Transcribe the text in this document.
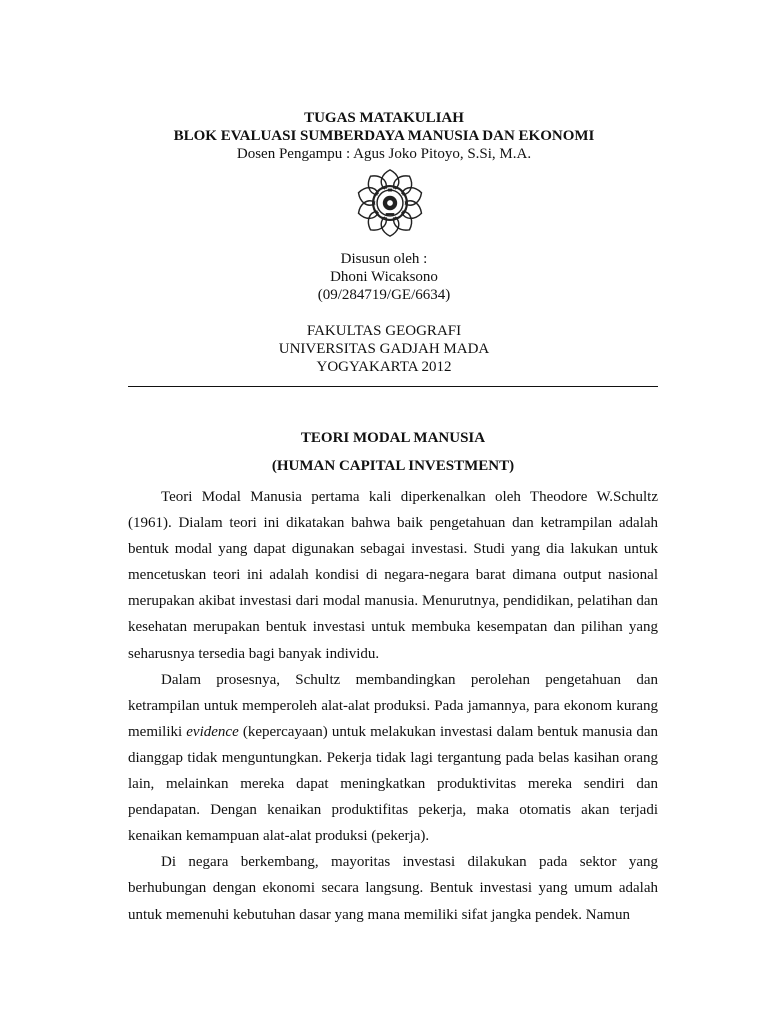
TUGAS MATAKULIAH
BLOK EVALUASI SUMBERDAYA MANUSIA DAN EKONOMI
Dosen Pengampu : Agus Joko Pitoyo, S.Si, M.A.
Disusun oleh :
Dhoni Wicaksono
(09/284719/GE/6634)
FAKULTAS GEOGRAFI
UNIVERSITAS GADJAH MADA
YOGYAKARTA 2012
TEORI MODAL MANUSIA
(HUMAN CAPITAL INVESTMENT)

Teori Modal Manusia pertama kali diperkenalkan oleh Theodore W.Schultz (1961). Dialam teori ini dikatakan bahwa baik pengetahuan dan ketrampilan adalah bentuk modal yang dapat digunakan sebagai investasi. Studi yang dia lakukan untuk mencetuskan teori ini adalah kondisi di negara-negara barat dimana output nasional merupakan akibat investasi dari modal manusia. Menurutnya, pendidikan, pelatihan dan kesehatan merupakan bentuk investasi untuk membuka kesempatan dan pilihan yang seharusnya tersedia bagi banyak individu.

Dalam prosesnya, Schultz membandingkan perolehan pengetahuan dan ketrampilan untuk memperoleh alat-alat produksi. Pada jamannya, para ekonom kurang memiliki evidence (kepercayaan) untuk melakukan investasi dalam bentuk manusia dan dianggap tidak menguntungkan. Pekerja tidak lagi tergantung pada belas kasihan orang lain, melainkan mereka dapat meningkatkan produktivitas mereka sendiri dan pendapatan. Dengan kenaikan produktifitas pekerja, maka otomatis akan terjadi kenaikan kemampuan alat-alat produksi (pekerja).

Di negara berkembang, mayoritas investasi dilakukan pada sektor yang berhubungan dengan ekonomi secara langsung. Bentuk investasi yang umum adalah untuk memenuhi kebutuhan dasar yang mana memiliki sifat jangka pendek. Namun
